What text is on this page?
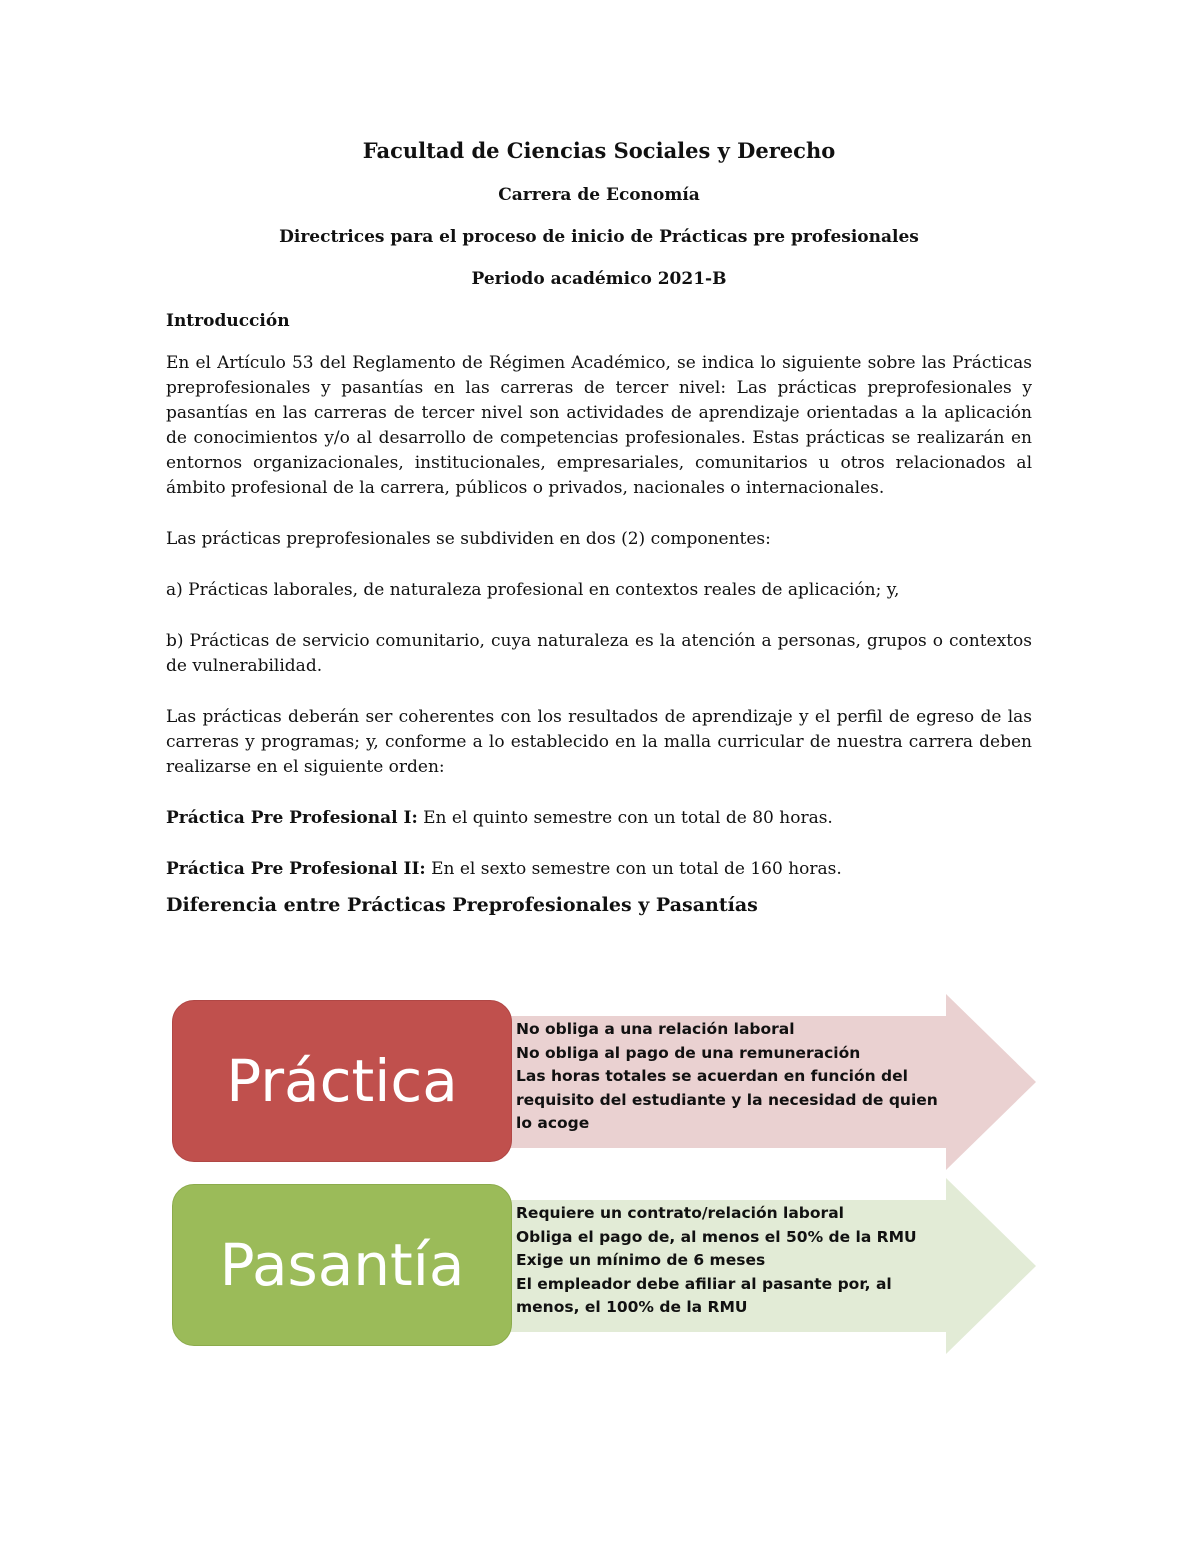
Facultad de Ciencias Sociales y Derecho
Carrera de Economía
Directrices para el proceso de inicio de Prácticas pre profesionales
Periodo académico 2021-B
Introducción

En el Artículo 53 del Reglamento de Régimen Académico, se indica lo siguiente sobre las Prácticas preprofesionales y pasantías en las carreras de tercer nivel: Las prácticas preprofesionales y pasantías en las carreras de tercer nivel son actividades de aprendizaje orientadas a la aplicación de conocimientos y/o al desarrollo de competencias profesionales. Estas prácticas se realizarán en entornos organizacionales, institucionales, empresariales, comunitarios u otros relacionados al ámbito profesional de la carrera, públicos o privados, nacionales o internacionales.

Las prácticas preprofesionales se subdividen en dos (2) componentes:

a) Prácticas laborales, de naturaleza profesional en contextos reales de aplicación; y,

b) Prácticas de servicio comunitario, cuya naturaleza es la atención a personas, grupos o contextos de vulnerabilidad.

Las prácticas deberán ser coherentes con los resultados de aprendizaje y el perfil de egreso de las carreras y programas; y, conforme a lo establecido en la malla curricular de nuestra carrera deben realizarse en el siguiente orden:

Práctica Pre Profesional I: En el quinto semestre con un total de 80 horas.

Práctica Pre Profesional II: En el sexto semestre con un total de 160 horas.

Diferencia entre Prácticas Preprofesionales y Pasantías
Práctica
No obliga a una relación laboral
No obliga al pago de una remuneración
Las horas totales se acuerdan en función del requisito del estudiante y la necesidad de quien lo acoge
Pasantía
Requiere un contrato/relación laboral
Obliga el pago de, al menos el 50% de la RMU
Exige un mínimo de 6 meses
El empleador debe afiliar al pasante por, al menos, el 100% de la RMU
